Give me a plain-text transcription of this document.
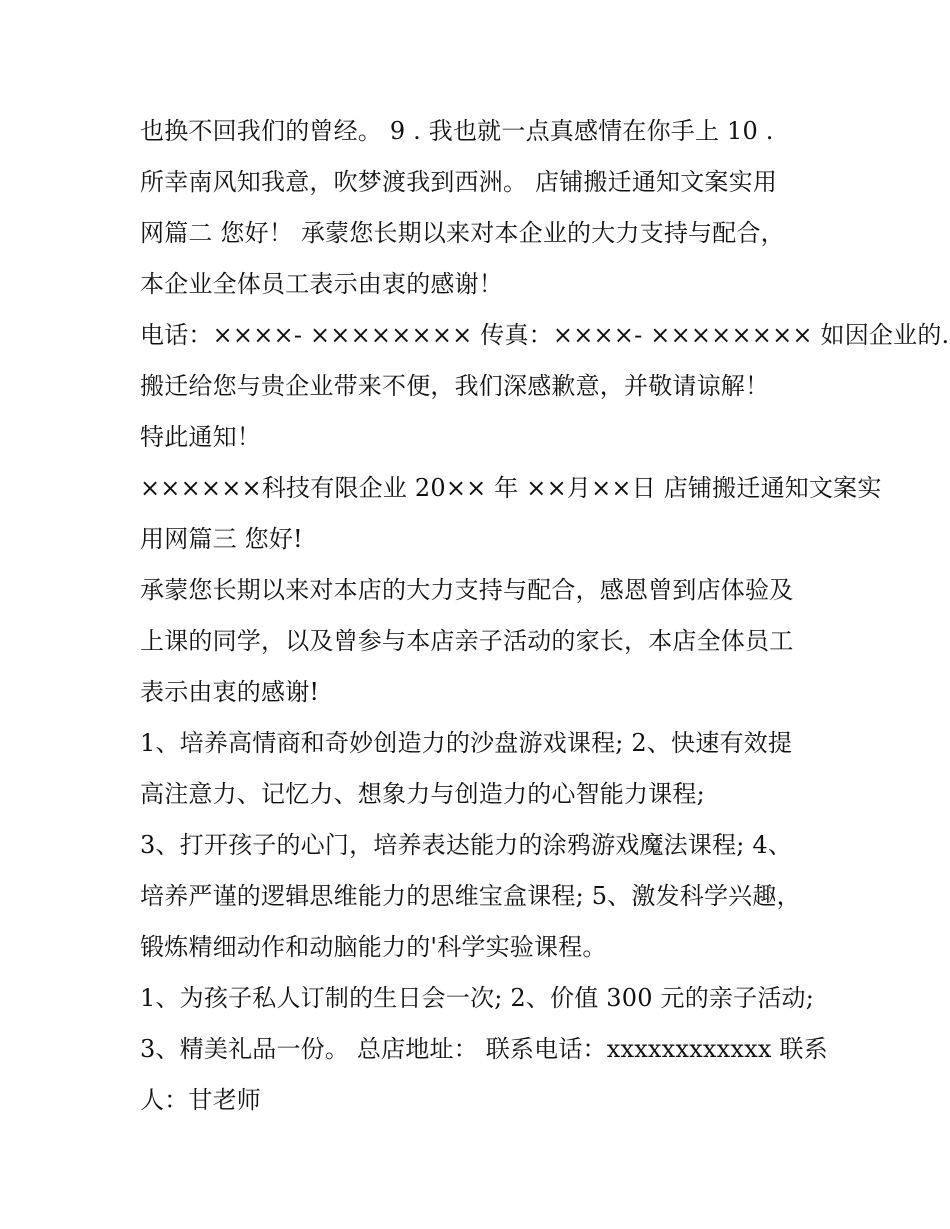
也换不回我们的曾经。 9 . 我也就一点真感情在你手上 10 .
所幸南风知我意，吹梦渡我到西洲。 店铺搬迁通知文案实用
网篇二 您好！ 承蒙您长期以来对本企业的大力支持与配合，
本企业全体员工表示由衷的感谢！
电话：××××- ×××××××× 传真：××××- ×××××××× 如因企业的.
搬迁给您与贵企业带来不便，我们深感歉意，并敬请谅解！
特此通知！
××××××科技有限企业 20×× 年 ××月××日 店铺搬迁通知文案实
用网篇三 您好!
承蒙您长期以来对本店的大力支持与配合，感恩曾到店体验及
上课的同学，以及曾参与本店亲子活动的家长，本店全体员工
表示由衷的感谢!
1、培养高情商和奇妙创造力的沙盘游戏课程; 2、快速有效提
高注意力、记忆力、想象力与创造力的心智能力课程;
3、打开孩子的心门，培养表达能力的涂鸦游戏魔法课程; 4、
培养严谨的逻辑思维能力的思维宝盒课程; 5、激发科学兴趣，
锻炼精细动作和动脑能力的'科学实验课程。
1、为孩子私人订制的生日会一次; 2、价值 300 元的亲子活动;
3、精美礼品一份。 总店地址： 联系电话：xxxxxxxxxxxx 联系
人：甘老师
